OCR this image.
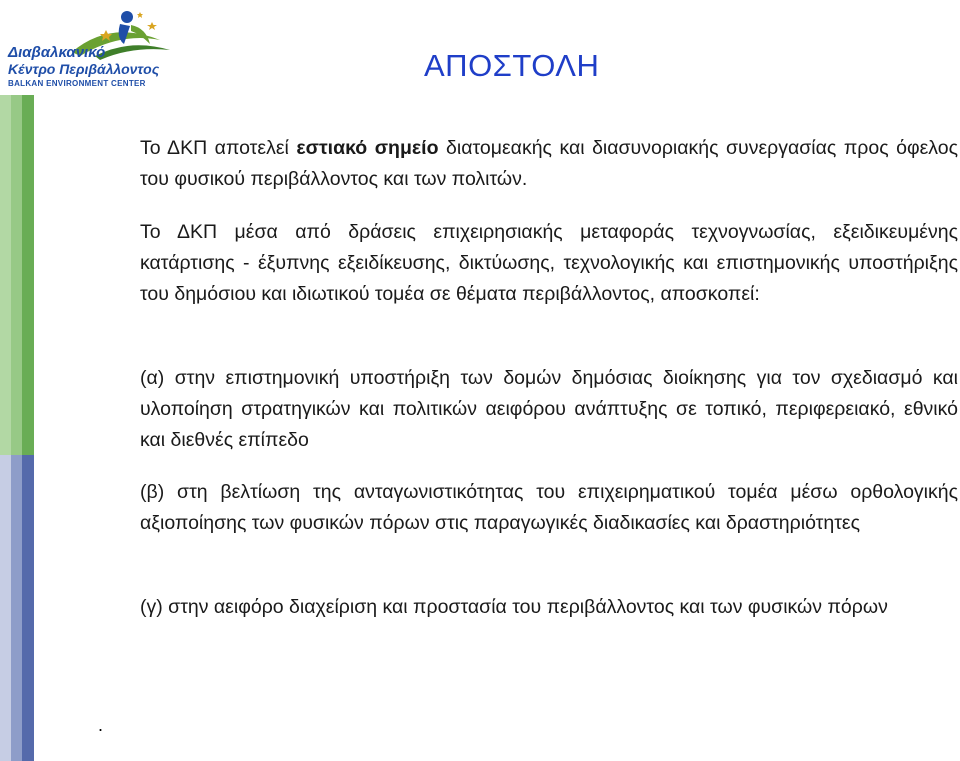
Διαβαλκανικό
Κέντρο Περιβάλλοντος
BALKAN ENVIRONMENT CENTER
ΑΠΟΣΤΟΛΗ
Το ΔΚΠ αποτελεί εστιακό σημείο διατομεακής και διασυνοριακής συνεργασίας προς όφελος του φυσικού περιβάλλοντος και των πολιτών.
Το ΔΚΠ μέσα από δράσεις επιχειρησιακής μεταφοράς τεχνογνωσίας, εξειδικευμένης κατάρτισης - έξυπνης εξειδίκευσης, δικτύωσης, τεχνολογικής και επιστημονικής υποστήριξης του δημόσιου και ιδιωτικού τομέα σε θέματα περιβάλλοντος, αποσκοπεί:
(α) στην επιστημονική υποστήριξη των δομών δημόσιας διοίκησης για τον σχεδιασμό και υλοποίηση στρατηγικών και πολιτικών αειφόρου ανάπτυξης σε τοπικό, περιφερειακό, εθνικό και διεθνές επίπεδο
(β) στη βελτίωση της ανταγωνιστικότητας του επιχειρηματικού τομέα μέσω ορθολογικής αξιοποίησης των φυσικών πόρων στις παραγωγικές διαδικασίες και δραστηριότητες
(γ) στην αειφόρο διαχείριση και προστασία του περιβάλλοντος και των φυσικών πόρων
.
